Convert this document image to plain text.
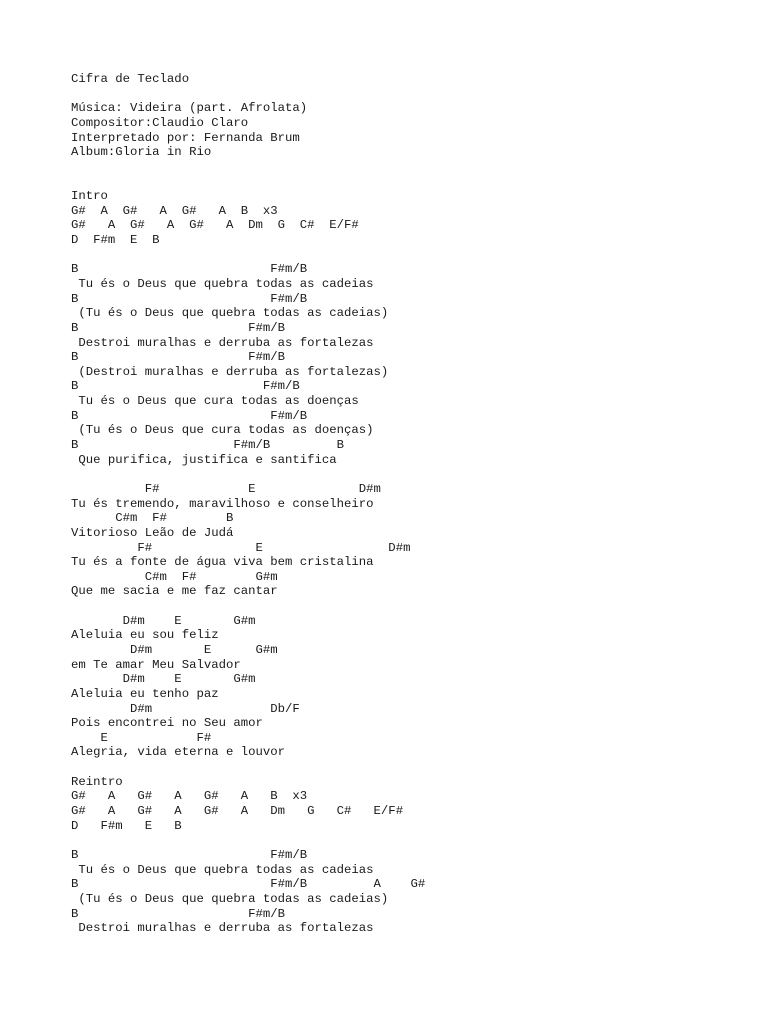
Cifra de Teclado
Música: Videira (part. Afrolata)
Compositor:Claudio Claro
Interpretado por: Fernanda Brum
Album:Gloria in Rio
Intro
G#  A  G#   A  G#   A  B  x3
G#   A  G#   A  G#   A  Dm  G  C#  E/F#
D  F#m  E  B
B                          F#m/B
Tu és o Deus que quebra todas as cadeias
B                          F#m/B
(Tu és o Deus que quebra todas as cadeias)
B                       F#m/B
Destroi muralhas e derruba as fortalezas
B                       F#m/B
(Destroi muralhas e derruba as fortalezas)
B                         F#m/B
Tu és o Deus que cura todas as doenças
B                          F#m/B
(Tu és o Deus que cura todas as doenças)
B                     F#m/B         B
Que purifica, justifica e santifica
F#            E              D#m
Tu és tremendo, maravilhoso e conselheiro
C#m  F#        B
Vitorioso Leão de Judá
F#              E                 D#m
Tu és a fonte de água viva bem cristalina
C#m  F#        G#m
Que me sacia e me faz cantar
D#m    E       G#m
Aleluia eu sou feliz
D#m       E      G#m
em Te amar Meu Salvador
D#m    E       G#m
Aleluia eu tenho paz
D#m                Db/F
Pois encontrei no Seu amor
E            F#
Alegria, vida eterna e louvor
Reintro
G#   A   G#   A   G#   A   B  x3
G#   A   G#   A   G#   A   Dm   G   C#   E/F#
D   F#m   E   B
B                          F#m/B
Tu és o Deus que quebra todas as cadeias
B                          F#m/B         A    G#
(Tu és o Deus que quebra todas as cadeias)
B                       F#m/B
Destroi muralhas e derruba as fortalezas
